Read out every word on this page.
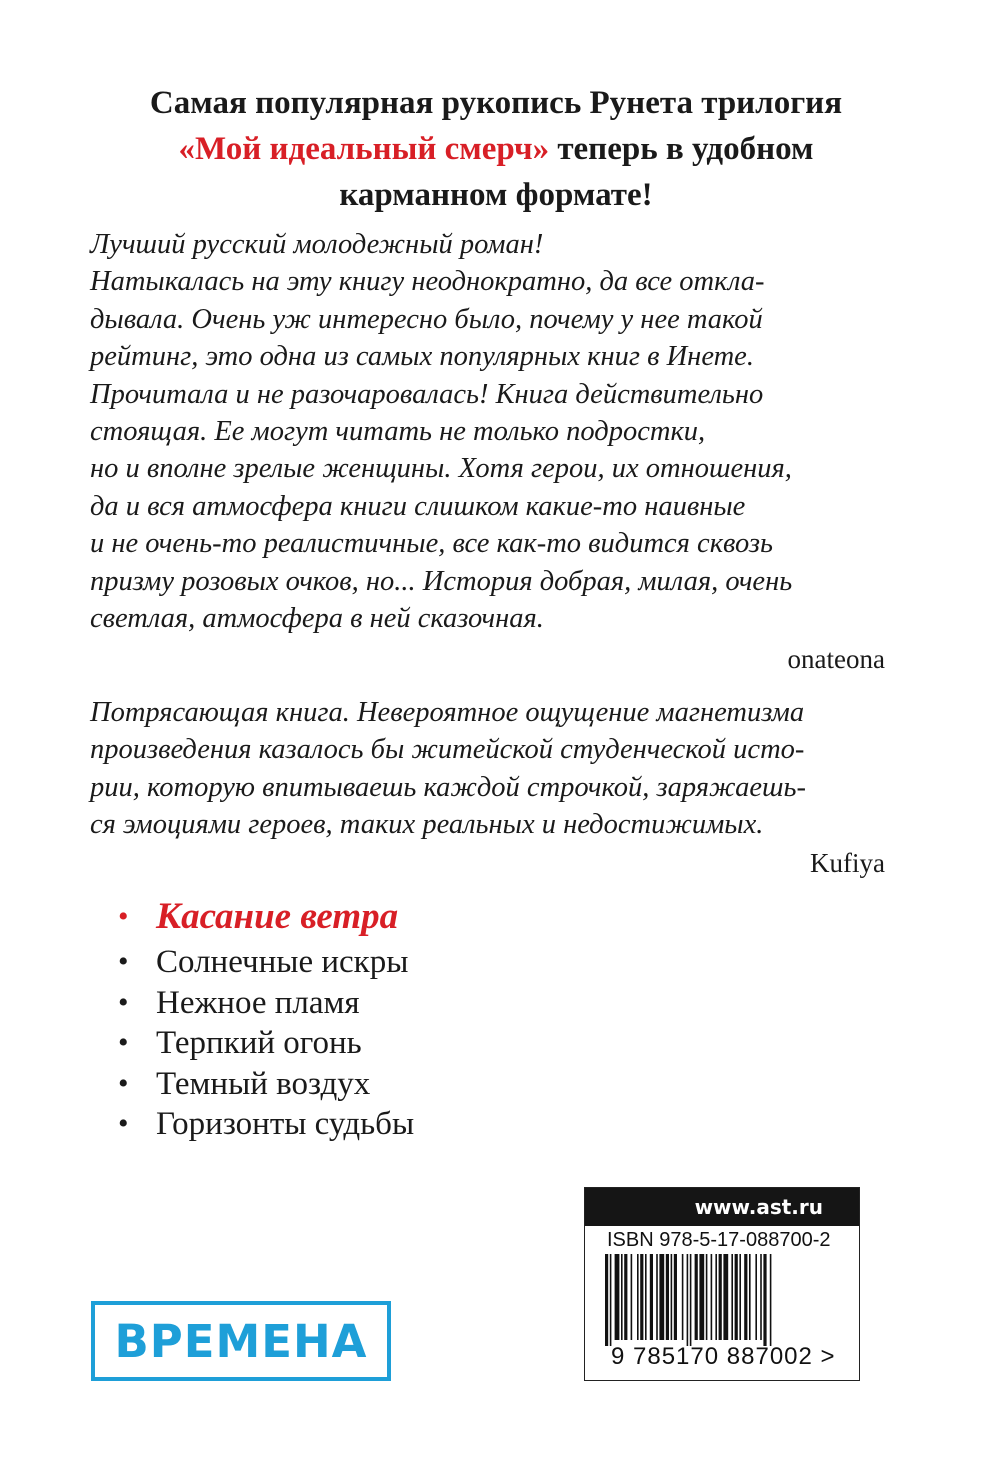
Самая популярная рукопись Рунета трилогия
«Мой идеальный смерч» теперь в удобном
карманном формате!

Лучший русский молодежный роман!
Натыкалась на эту книгу неоднократно, да все откла-
дывала. Очень уж интересно было, почему у нее такой
рейтинг, это одна из самых популярных книг в Инете.
Прочитала и не разочаровалась! Книга действительно
стоящая. Ее могут читать не только подростки,
но и вполне зрелые женщины. Хотя герои, их отношения,
да и вся атмосфера книги слишком какие-то наивные
и не очень-то реалистичные, все как-то видится сквозь
призму розовых очков, но... История добрая, милая, очень
светлая, атмосфера в ней сказочная.

onateona

Потрясающая книга. Невероятное ощущение магнетизма
произведения казалось бы житейской студенческой исто-
рии, которую впитываешь каждой строчкой, заряжаешь-
ся эмоциями героев, таких реальных и недостижимых.

Kufiya

• Касание ветра
• Солнечные искры
• Нежное пламя
• Терпкий огонь
• Темный воздух
• Горизонты судьбы
ВРЕМЕНА
www.ast.ru
ISBN 978-5-17-088700-2
9 785170 887002 >
